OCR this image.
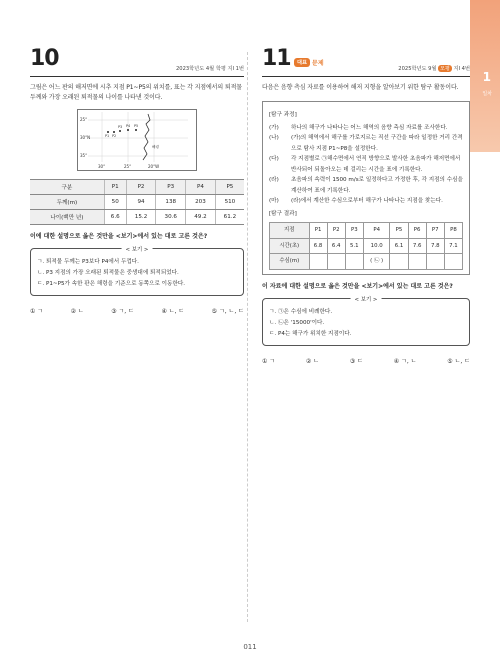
1
일차
10	2023학년도 4월 학평 지Ⅰ 1번
그림은 어느 판의 해저면에 시추 지점 P1~P5의 위치를, 표는 각 지점에서의 퇴적물 두께와 가장 오래된 퇴적물의 나이를 나타낸 것이다.
25°
30°N
35°
30°	25°	20°W
P1 P2
P3 P4 P5
해령
구분	P1	P2	P3	P4	P5
두께(m)	50	94	138	203	510
나이(백만 년)	6.6	15.2	30.6	49.2	61.2
이에 대한 설명으로 옳은 것만을 <보기>에서 있는 대로 고른 것은?
< 보기 >
ㄱ. 퇴적물 두께는 P3보다 P4에서 두껍다.
ㄴ. P3 지점의 가장 오래된 퇴적물은 중생대에 퇴적되었다.
ㄷ. P1~P5가 속한 판은 해령을 기준으로 동쪽으로 이동한다.
① ㄱ	② ㄴ	③ ㄱ, ㄷ	④ ㄴ, ㄷ	⑤ ㄱ, ㄴ, ㄷ
11	대표 문제
2025학년도 9월 모평 지Ⅰ 4번
다음은 음향 측심 자료를 이용하여 해저 지형을 알아보기 위한 탐구 활동이다.
[탐구 과정]
(가)	하나의 해구가 나타나는 어느 해역의 음향 측심 자료를 조사한다.
(나)	(가)의 해역에서 해구를 가로지르는 직선 구간을 따라 일정한 거리 간격으로 탐사 지점 P1~P8을 설정한다.
(다)	각 지점별로 ㉠해수면에서 연직 방향으로 발사한 초음파가 해저면에서 반사되어 되돌아오는 데 걸리는 시간을 표에 기록한다.
(라)	초음파의 속력이 1500 m/s로 일정하다고 가정한 후, 각 지점의 수심을 계산하여 표에 기록한다.
(마)	(라)에서 계산한 수심으로부터 해구가 나타나는 지점을 찾는다.
[탐구 결과]
지점	P1	P2	P3	P4	P5	P6	P7	P8
시간(초)	6.8	6.4	5.1	10.0	6.1	7.6	7.8	7.1
수심(m)				( ㉡ )				
이 자료에 대한 설명으로 옳은 것만을 <보기>에서 있는 대로 고른 것은?
< 보기 >
ㄱ. ㉠은 수심에 비례한다.
ㄴ. ㉡은 '15000'이다.
ㄷ. P4는 해구가 위치한 지점이다.
① ㄱ	② ㄴ	③ ㄷ	④ ㄱ, ㄴ	⑤ ㄴ, ㄷ
011
